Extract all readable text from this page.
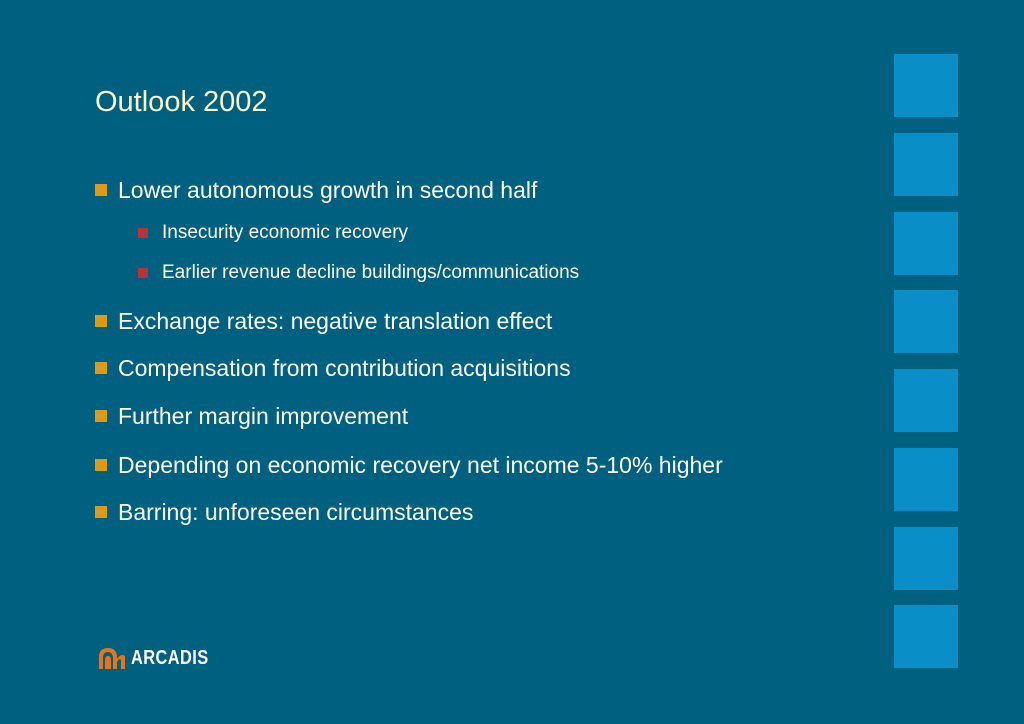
Outlook 2002
Lower autonomous growth in second half
Insecurity economic recovery
Earlier revenue decline buildings/communications
Exchange rates: negative translation effect
Compensation from contribution acquisitions
Further margin improvement
Depending on economic recovery net income 5-10% higher
Barring: unforeseen circumstances
ARCADIS
